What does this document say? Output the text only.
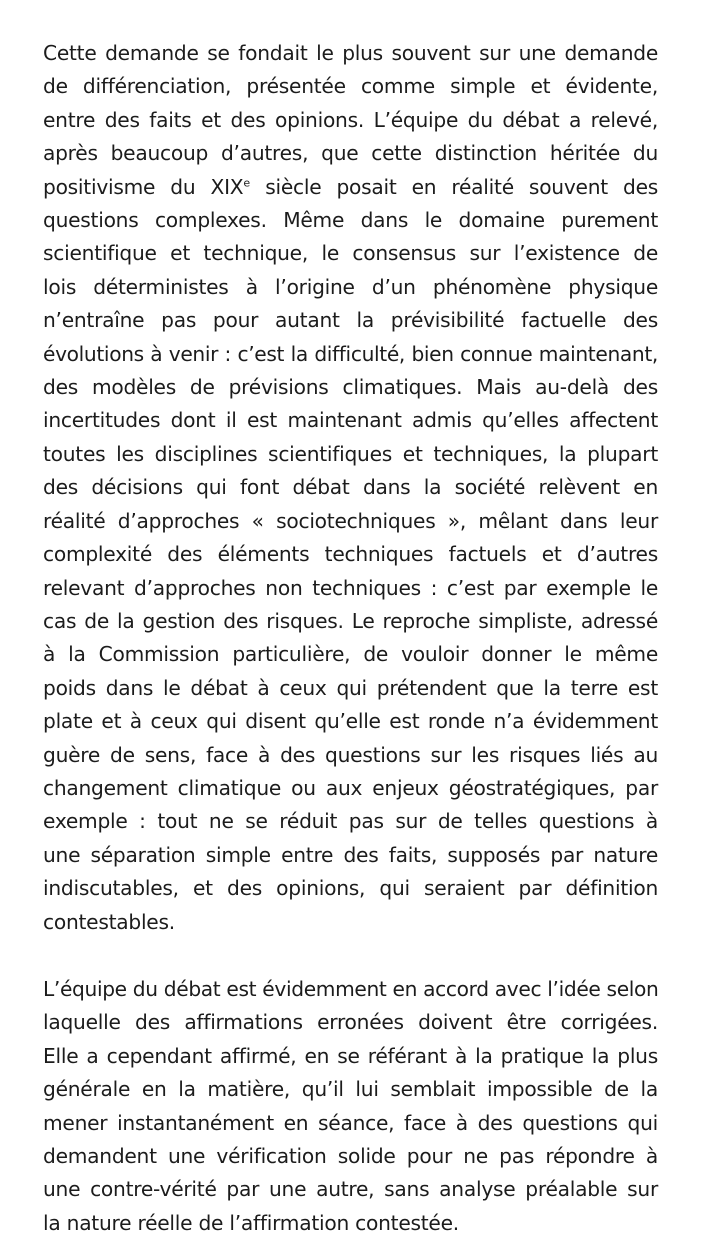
Cette demande se fondait le plus souvent sur une demande
de différenciation, présentée comme simple et évidente,
entre des faits et des opinions. L’équipe du débat a relevé,
après beaucoup d’autres, que cette distinction héritée du
positivisme du XIXe siècle posait en réalité souvent des
questions complexes. Même dans le domaine purement
scientifique et technique, le consensus sur l’existence de
lois déterministes à l’origine d’un phénomène physique
n’entraîne pas pour autant la prévisibilité factuelle des
évolutions à venir : c’est la difficulté, bien connue maintenant,
des modèles de prévisions climatiques. Mais au-delà des
incertitudes dont il est maintenant admis qu’elles affectent
toutes les disciplines scientifiques et techniques, la plupart
des décisions qui font débat dans la société relèvent en
réalité d’approches « sociotechniques », mêlant dans leur
complexité des éléments techniques factuels et d’autres
relevant d’approches non techniques : c’est par exemple le
cas de la gestion des risques. Le reproche simpliste, adressé
à la Commission particulière, de vouloir donner le même
poids dans le débat à ceux qui prétendent que la terre est
plate et à ceux qui disent qu’elle est ronde n’a évidemment
guère de sens, face à des questions sur les risques liés au
changement climatique ou aux enjeux géostratégiques, par
exemple : tout ne se réduit pas sur de telles questions à
une séparation simple entre des faits, supposés par nature
indiscutables, et des opinions, qui seraient par définition
contestables.

L’équipe du débat est évidemment en accord avec l’idée selon
laquelle des affirmations erronées doivent être corrigées.
Elle a cependant affirmé, en se référant à la pratique la plus
générale en la matière, qu’il lui semblait impossible de la
mener instantanément en séance, face à des questions qui
demandent une vérification solide pour ne pas répondre à
une contre-vérité par une autre, sans analyse préalable sur
la nature réelle de l’affirmation contestée.
